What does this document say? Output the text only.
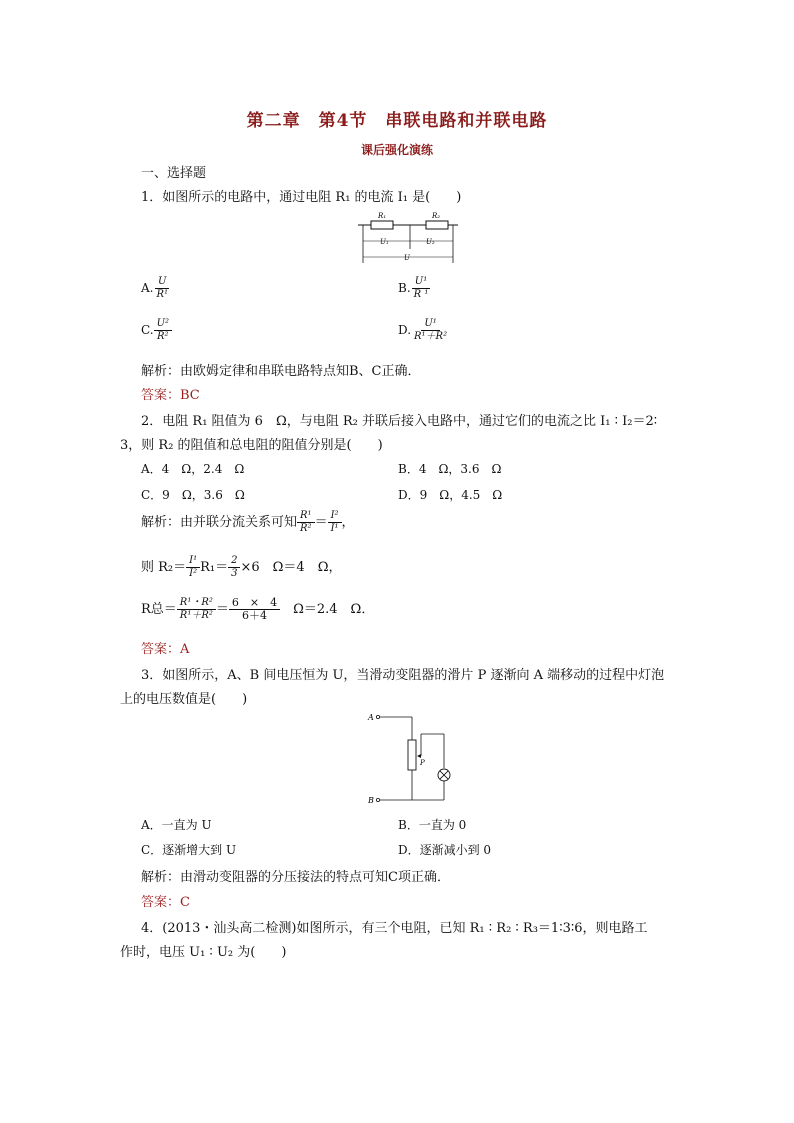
第二章　第4节　串联电路和并联电路
课后强化演练
一、选择题
1．如图所示的电路中，通过电阻 R₁ 的电流 I₁ 是(　　)
R₁	R₂
U₁	U₂
U
A. $\frac{U}{\text{R¹}}$	B. $\frac{\text{U¹}}{\text{R ¹}}$
C. $\frac{\text{U²}}{\text{R²}}$	D. $\frac{\text{U¹}}{\text{R¹＋R²}}$
解析：由欧姆定律和串联电路特点知B、C正确．
答案：BC
2．电阻 R₁ 阻值为 6　Ω，与电阻 R₂ 并联后接入电路中，通过它们的电流之比 I₁ ∶ I₂＝2∶
3，则 R₂ 的阻值和总电阻的阻值分别是(　　)
A．4　Ω，2.4　Ω	B．4　Ω，3.6　Ω
C．9　Ω，3.6　Ω	D．9　Ω，4.5　Ω
解析：由并联分流关系可知 $\frac{\text{R¹}}{\text{R²}} = \frac{\text{I²}}{\text{I¹}}$ ，
则 $R_2= \frac{\text{I¹}}{\text{I²}} R_1= \frac{2}{3} \times 6$　Ω＝4　Ω，
R总＝ $\frac{\text{R¹・R²}}{\text{R¹＋R²}} = \frac{6 \times 4}{6+4}$ 　Ω＝2.4　Ω．
答案：A
3．如图所示，A、B 间电压恒为 U，当滑动变阻器的滑片 P 逐渐向 A 端移动的过程中灯泡
上的电压数值是(　　)
A
B
P
A．一直为 U	B．一直为 0
C．逐渐增大到 U	D．逐渐减小到 0
解析：由滑动变阻器的分压接法的特点可知C项正确．
答案：C
4．(2013・汕头高二检测)如图所示，有三个电阻，已知 R₁ ∶ R₂ ∶ R₃＝1∶3∶6，则电路工
作时，电压 U₁ ∶ U₂ 为(　　)
